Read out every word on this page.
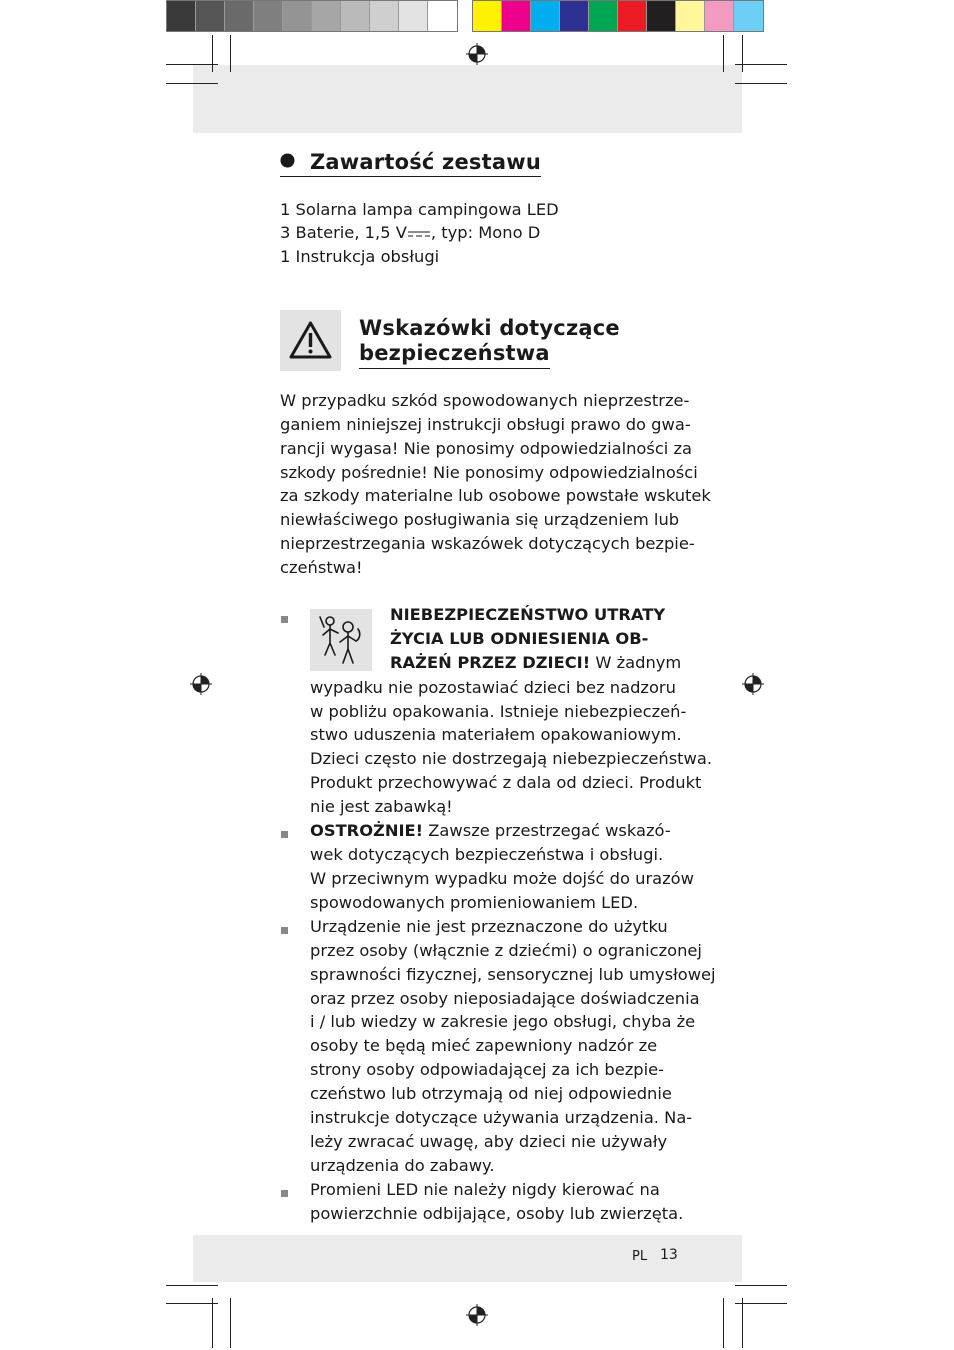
Zawartość zestawu
1 Solarna lampa campingowa LED
3 Baterie, 1,5 V , typ: Mono D
1 Instrukcja obsługi
Wskazówki dotyczące
bezpieczeństwa
W przypadku szkód spowodowanych nieprzestrze-
ganiem niniejszej instrukcji obsługi prawo do gwa-
rancji wygasa! Nie ponosimy odpowiedzialności za
szkody pośrednie! Nie ponosimy odpowiedzialności
za szkody materialne lub osobowe powstałe wskutek
niewłaściwego posługiwania się urządzeniem lub
nieprzestrzegania wskazówek dotyczących bezpie-
czeństwa!
NIEBEZPIECZEŃSTWO UTRATY
ŻYCIA LUB ODNIESIENIA OB-
RAŻEŃ PRZEZ DZIECI! W żadnym
wypadku nie pozostawiać dzieci bez nadzoru
w pobliżu opakowania. Istnieje niebezpieczeń-
stwo uduszenia materiałem opakowaniowym.
Dzieci często nie dostrzegają niebezpieczeństwa.
Produkt przechowywać z dala od dzieci. Produkt
nie jest zabawką!
OSTROŻNIE! Zawsze przestrzegać wskazó-
wek dotyczących bezpieczeństwa i obsługi.
W przeciwnym wypadku może dojść do urazów
spowodowanych promieniowaniem LED.
Urządzenie nie jest przeznaczone do użytku
przez osoby (włącznie z dziećmi) o ograniczonej
sprawności fizycznej, sensorycznej lub umysłowej
oraz przez osoby nieposiadające doświadczenia
i / lub wiedzy w zakresie jego obsługi, chyba że
osoby te będą mieć zapewniony nadzór ze
strony osoby odpowiadającej za ich bezpie-
czeństwo lub otrzymają od niej odpowiednie
instrukcje dotyczące używania urządzenia. Na-
leży zwracać uwagę, aby dzieci nie używały
urządzenia do zabawy.
Promieni LED nie należy nigdy kierować na
powierzchnie odbijające, osoby lub zwierzęta.
PL 13
